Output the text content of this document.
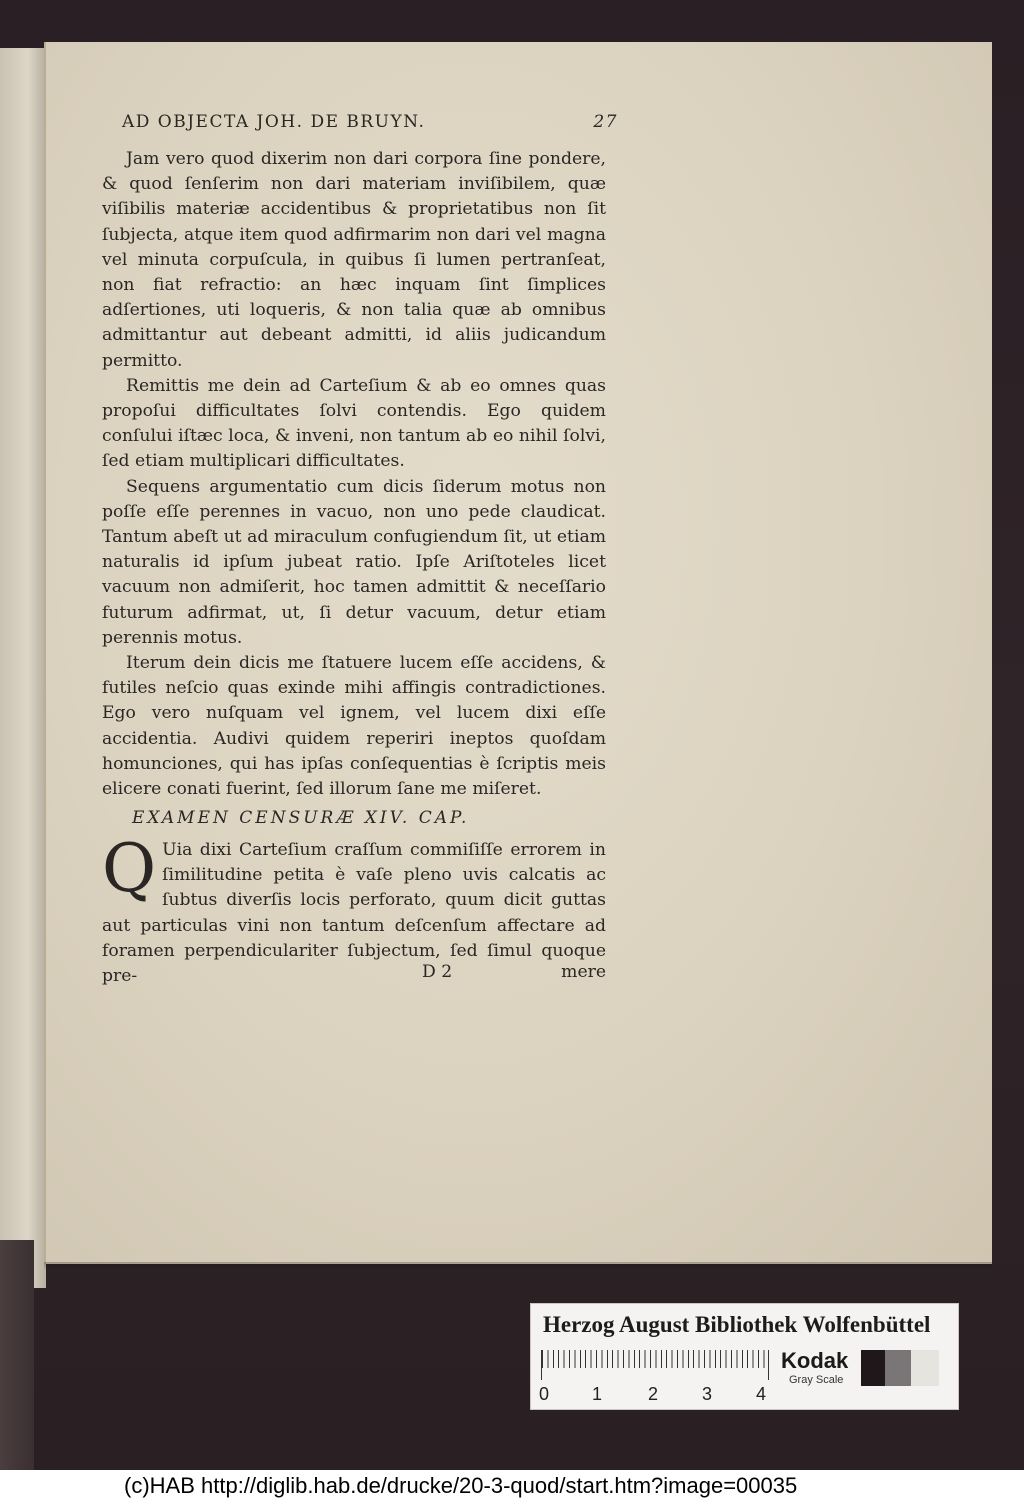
AD OBJECTA JOH. DE BRUYN.	27

Jam vero quod dixerim non dari corpora ſine pondere, & quod ſenſerim non dari materiam inviſibilem, quæ viſibilis materiæ accidentibus & proprietatibus non ſit ſubjecta, atque item quod adfirmarim non dari vel magna vel minuta corpuſcula, in quibus ſi lumen pertranſeat, non fiat refractio: an hæc inquam ſint ſimplices adſertiones, uti loqueris, & non talia quæ ab omnibus admittantur aut debeant admitti, id aliis judicandum permitto.

Remittis me dein ad Carteſium & ab eo omnes quas propoſui difficultates ſolvi contendis. Ego quidem conſului iſtæc loca, & inveni, non tantum ab eo nihil ſolvi, ſed etiam multiplicari difficultates.

Sequens argumentatio cum dicis ſiderum motus non poſſe eſſe perennes in vacuo, non uno pede claudicat. Tantum abeſt ut ad miraculum confugiendum ſit, ut etiam naturalis id ipſum jubeat ratio. Ipſe Ariſtoteles licet vacuum non admiſerit, hoc tamen admittit & neceſſario futurum adfirmat, ut, ſi detur vacuum, detur etiam perennis motus.

Iterum dein dicis me ſtatuere lucem eſſe accidens, & futiles neſcio quas exinde mihi affingis contradictiones. Ego vero nuſquam vel ignem, vel lucem dixi eſſe accidentia. Audivi quidem reperiri ineptos quoſdam homunciones, qui has ipſas conſequentias è ſcriptis meis elicere conati fuerint, ſed illorum ſane me miſeret.

EXAMEN CENSURÆ XIV. CAP.
Q Uia dixi Carteſium craſſum commiſiſſe errorem in ſimilitudine petita è vaſe pleno uvis calcatis ac ſubtus diverſis locis perforato, quum dicit guttas aut particulas vini non tantum deſcenſum affectare ad foramen perpendiculariter ſubjectum, ſed ſimul quoque pre-	D 2	mere
Herzog August Bibliothek Wolfenbüttel
0 1	2 3 4
Kodak
Gray Scale
(c)HAB http://diglib.hab.de/drucke/20-3-quod/start.htm?image=00035
